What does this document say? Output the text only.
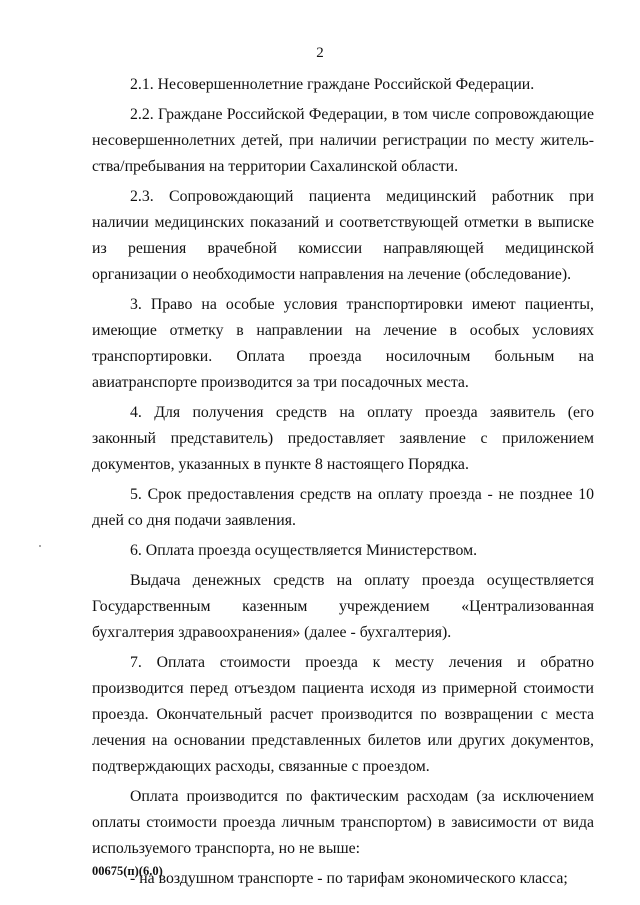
2

2.1. Несовершеннолетние граждане Российской Федерации.

2.2. Граждане Российской Федерации, в том числе сопровождающие несовершеннолетних детей, при наличии регистрации по месту жительства/пребывания на территории Сахалинской области.

2.3. Сопровождающий пациента медицинский работник при наличии медицинских показаний и соответствующей отметки в выписке из решения врачебной комиссии направляющей медицинской организации о необходимости направления на лечение (обследование).

3. Право на особые условия транспортировки имеют пациенты, имеющие отметку в направлении на лечение в особых условиях транспортировки. Оплата проезда носилочным больным на авиатранспорте производится за три посадочных места.

4. Для получения средств на оплату проезда заявитель (его законный представитель) предоставляет заявление с приложением документов, указанных в пункте 8 настоящего Порядка.

5. Срок предоставления средств на оплату проезда - не позднее 10 дней со дня подачи заявления.

6. Оплата проезда осуществляется Министерством.

Выдача денежных средств на оплату проезда осуществляется Государственным казенным учреждением «Централизованная бухгалтерия здравоохранения» (далее - бухгалтерия).

7. Оплата стоимости проезда к месту лечения и обратно производится перед отъездом пациента исходя из примерной стоимости проезда. Окончательный расчет производится по возвращении с места лечения на основании представленных билетов или других документов, подтверждающих расходы, связанные с проездом.

Оплата производится по фактическим расходам (за исключением оплаты стоимости проезда личным транспортом) в зависимости от вида используемого транспорта, но не выше:

- на воздушном транспорте - по тарифам экономического класса;

00675(п)(6.0)
